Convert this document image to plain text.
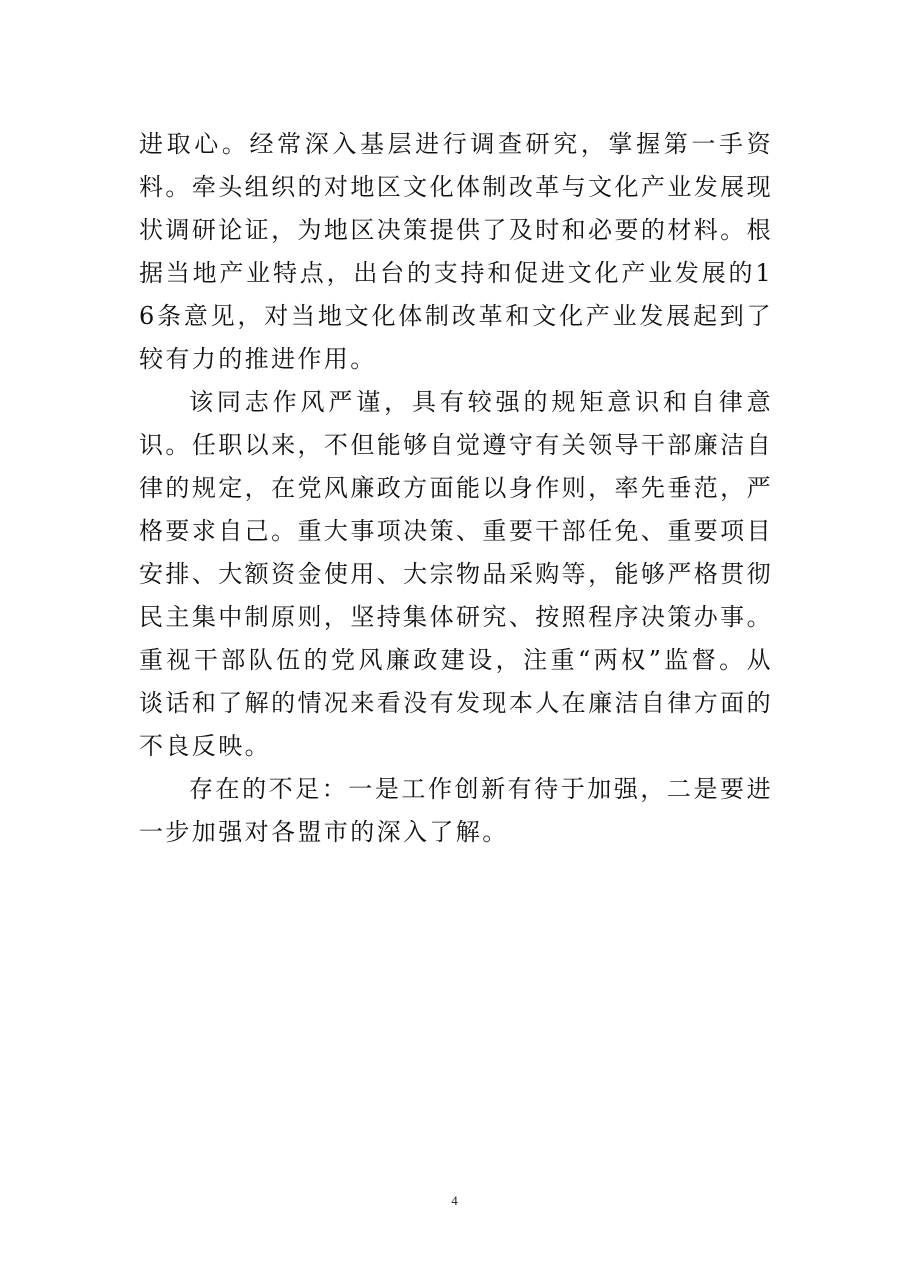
进取心。经常深入基层进行调查研究，掌握第一手资料。牵头组织的对地区文化体制改革与文化产业发展现状调研论证，为地区决策提供了及时和必要的材料。根据当地产业特点，出台的支持和促进文化产业发展的16条意见，对当地文化体制改革和文化产业发展起到了较有力的推进作用。

该同志作风严谨，具有较强的规矩意识和自律意识。任职以来，不但能够自觉遵守有关领导干部廉洁自律的规定，在党风廉政方面能以身作则，率先垂范，严格要求自己。重大事项决策、重要干部任免、重要项目安排、大额资金使用、大宗物品采购等，能够严格贯彻民主集中制原则，坚持集体研究、按照程序决策办事。重视干部队伍的党风廉政建设，注重“两权”监督。从谈话和了解的情况来看没有发现本人在廉洁自律方面的不良反映。

存在的不足：一是工作创新有待于加强，二是要进一步加强对各盟市的深入了解。

4
